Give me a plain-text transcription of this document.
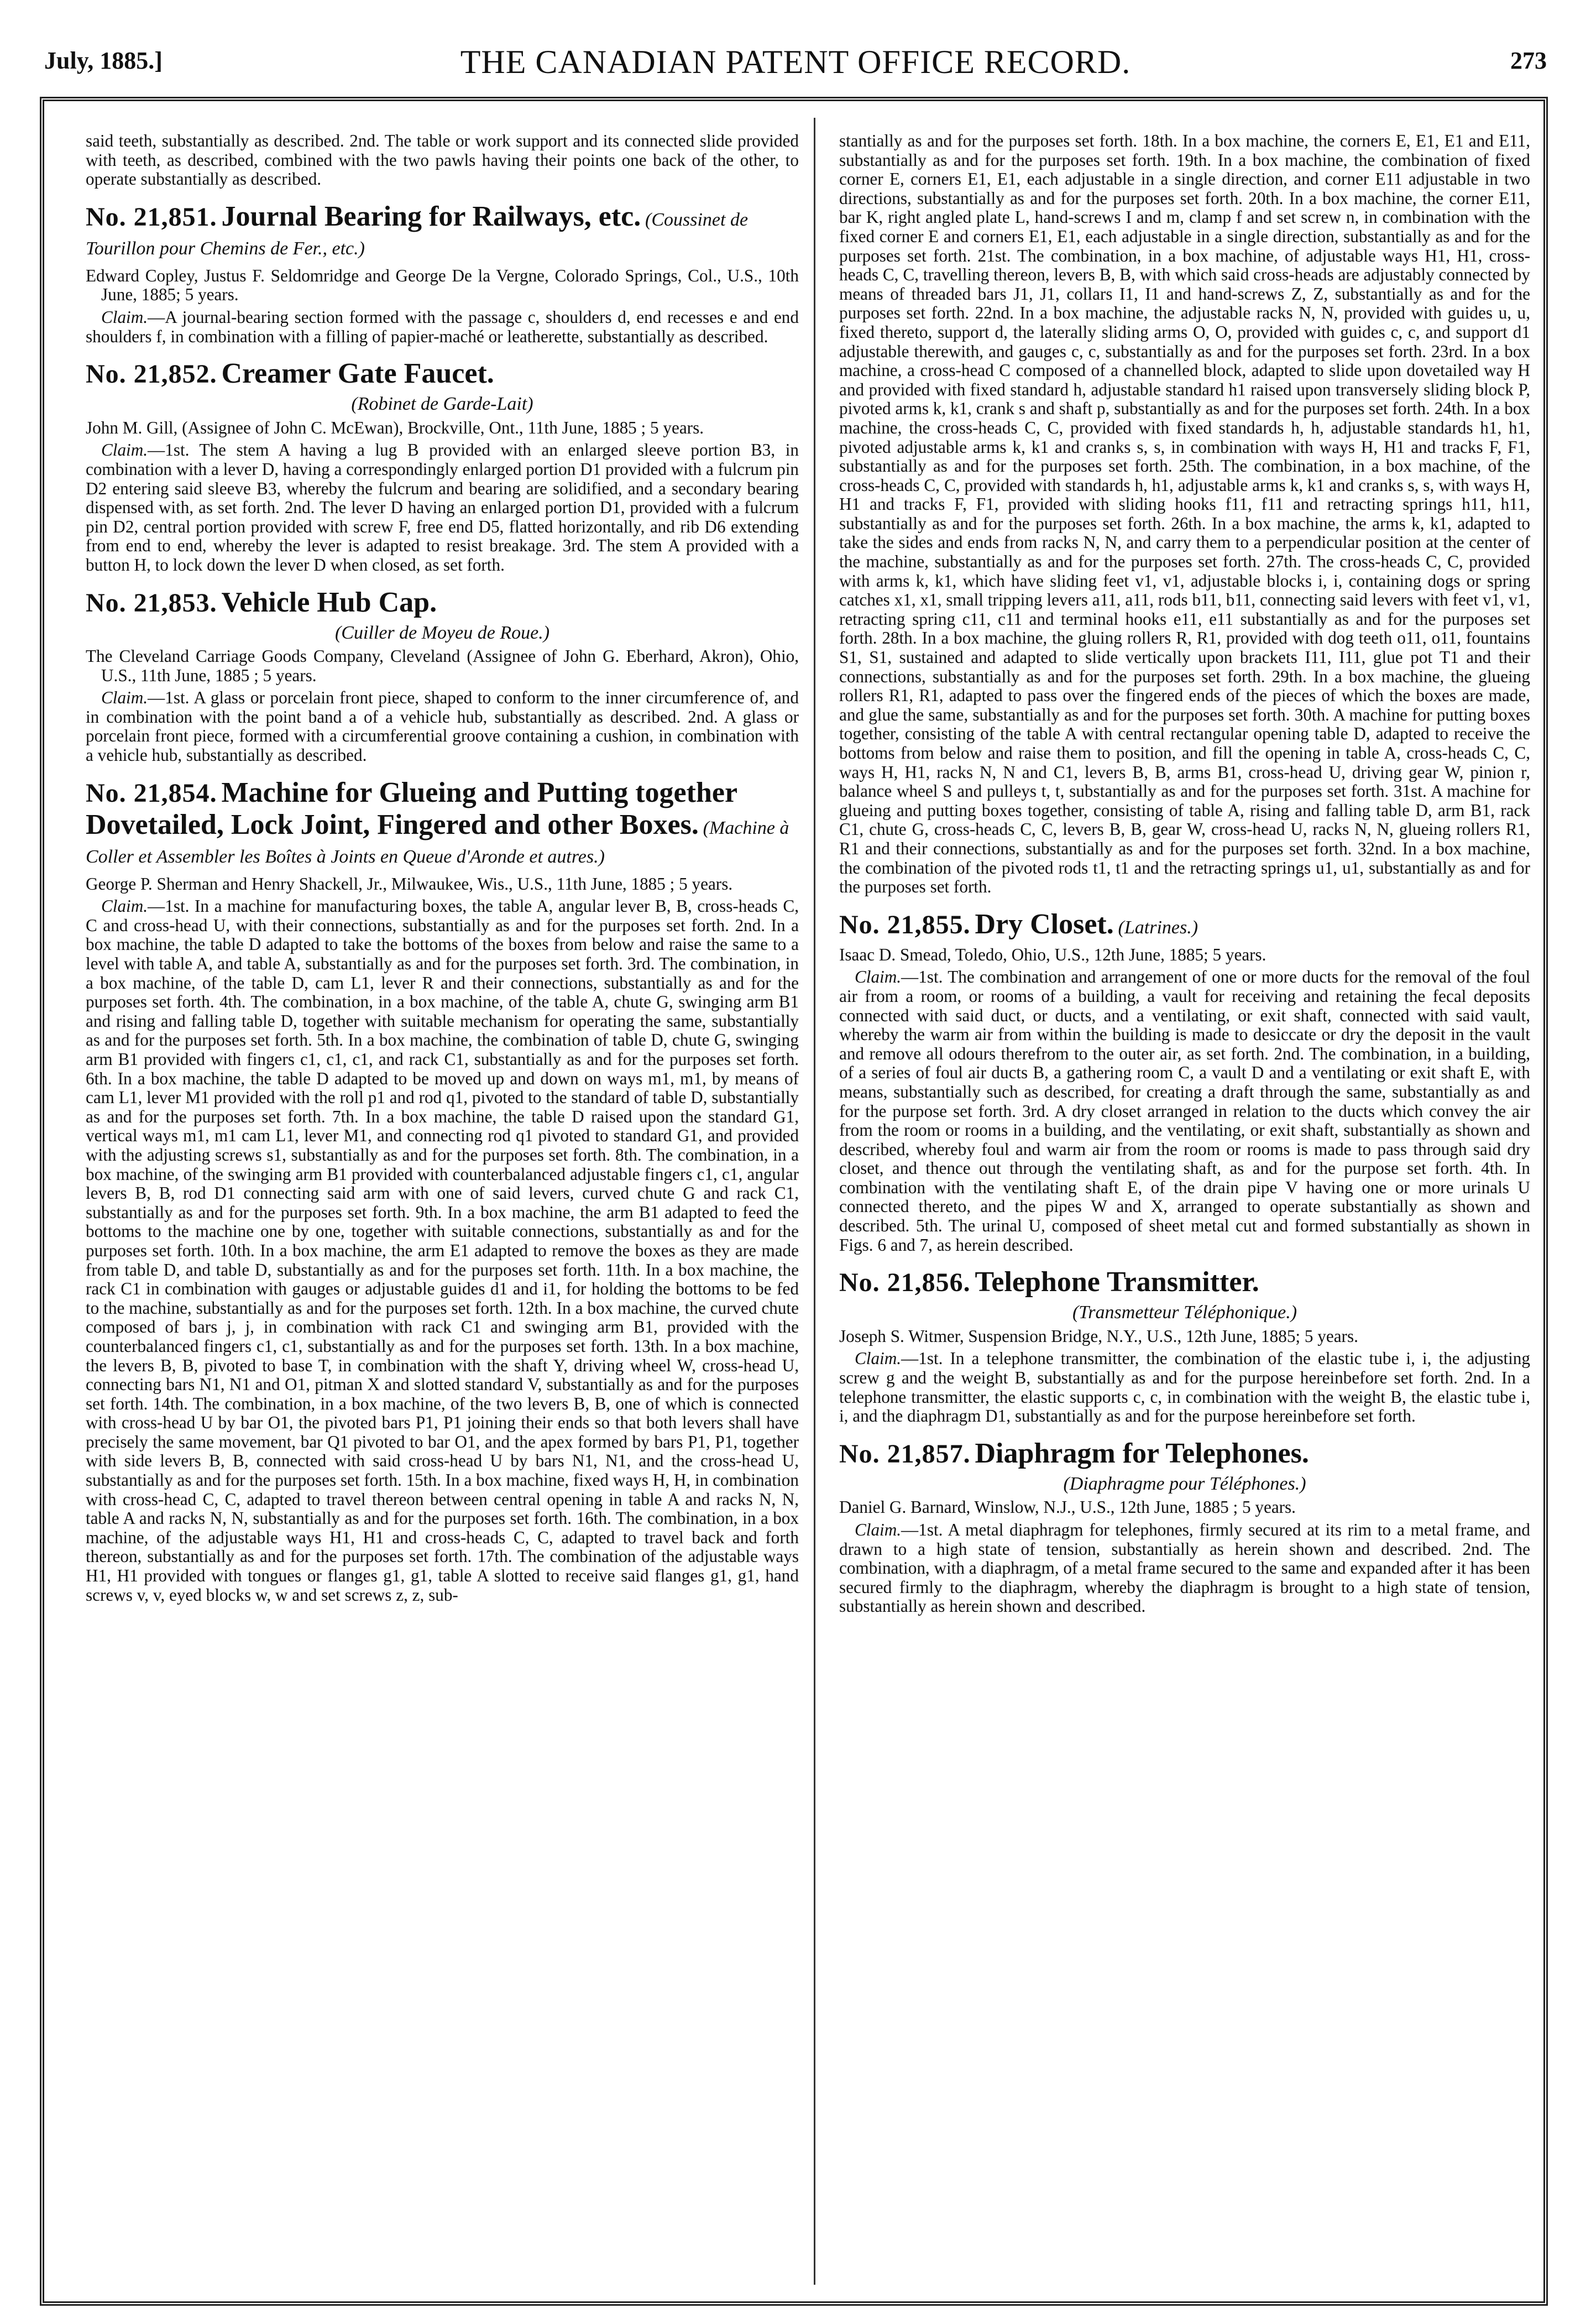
July, 1885.]	THE CANADIAN PATENT OFFICE RECORD.	273

said teeth, substantially as described. 2nd. The table or work support and its connected slide provided with teeth, as described, combined with the two pawls having their points one back of the other, to operate substantially as described.

No. 21,851. Journal Bearing for Railways, etc. (Coussinet de Tourillon pour Chemins de Fer., etc.)

Edward Copley, Justus F. Seldomridge and George De la Vergne, Colorado Springs, Col., U.S., 10th June, 1885; 5 years.

Claim.—A journal-bearing section formed with the passage c, shoulders d, end recesses e and end shoulders f, in combination with a filling of papier-maché or leatherette, substantially as described.

No. 21,852. Creamer Gate Faucet.

(Robinet de Garde-Lait)

John M. Gill, (Assignee of John C. McEwan), Brockville, Ont., 11th June, 1885 ; 5 years.

Claim.—1st. The stem A having a lug B provided with an enlarged sleeve portion B3, in combination with a lever D, having a correspondingly enlarged portion D1 provided with a fulcrum pin D2 entering said sleeve B3, whereby the fulcrum and bearing are solidified, and a secondary bearing dispensed with, as set forth. 2nd. The lever D having an enlarged portion D1, provided with a fulcrum pin D2, central portion provided with screw F, free end D5, flatted horizontally, and rib D6 extending from end to end, whereby the lever is adapted to resist breakage. 3rd. The stem A provided with a button H, to lock down the lever D when closed, as set forth.

No. 21,853. Vehicle Hub Cap.

(Cuiller de Moyeu de Roue.)

The Cleveland Carriage Goods Company, Cleveland (Assignee of John G. Eberhard, Akron), Ohio, U.S., 11th June, 1885 ; 5 years.

Claim.—1st. A glass or porcelain front piece, shaped to conform to the inner circumference of, and in combination with the point band a of a vehicle hub, substantially as described. 2nd. A glass or porcelain front piece, formed with a circumferential groove containing a cushion, in combination with a vehicle hub, substantially as described.

No. 21,854. Machine for Glueing and Putting together Dovetailed, Lock Joint, Fingered and other Boxes. (Machine à Coller et Assembler les Boîtes à Joints en Queue d'Aronde et autres.)

George P. Sherman and Henry Shackell, Jr., Milwaukee, Wis., U.S., 11th June, 1885 ; 5 years.

Claim.—1st. In a machine for manufacturing boxes, the table A, angular lever B, B, cross-heads C, C and cross-head U, with their connections, substantially as and for the purposes set forth. 2nd. In a box machine, the table D adapted to take the bottoms of the boxes from below and raise the same to a level with table A, and table A, substantially as and for the purposes set forth. 3rd. The combination, in a box machine, of the table D, cam L1, lever R and their connections, substantially as and for the purposes set forth. 4th. The combination, in a box machine, of the table A, chute G, swinging arm B1 and rising and falling table D, together with suitable mechanism for operating the same, substantially as and for the purposes set forth. 5th. In a box machine, the combination of table D, chute G, swinging arm B1 provided with fingers c1, c1, c1, and rack C1, substantially as and for the purposes set forth. 6th. In a box machine, the table D adapted to be moved up and down on ways m1, m1, by means of cam L1, lever M1 provided with the roll p1 and rod q1, pivoted to the standard of table D, substantially as and for the purposes set forth. 7th. In a box machine, the table D raised upon the standard G1, vertical ways m1, m1 cam L1, lever M1, and connecting rod q1 pivoted to standard G1, and provided with the adjusting screws s1, substantially as and for the purposes set forth. 8th. The combination, in a box machine, of the swinging arm B1 provided with counterbalanced adjustable fingers c1, c1, angular levers B, B, rod D1 connecting said arm with one of said levers, curved chute G and rack C1, substantially as and for the purposes set forth. 9th. In a box machine, the arm B1 adapted to feed the bottoms to the machine one by one, together with suitable connections, substantially as and for the purposes set forth. 10th. In a box machine, the arm E1 adapted to remove the boxes as they are made from table D, and table D, substantially as and for the purposes set forth. 11th. In a box machine, the rack C1 in combination with gauges or adjustable guides d1 and i1, for holding the bottoms to be fed to the machine, substantially as and for the purposes set forth. 12th. In a box machine, the curved chute composed of bars j, j, in combination with rack C1 and swinging arm B1, provided with the counterbalanced fingers c1, c1, substantially as and for the purposes set forth. 13th. In a box machine, the levers B, B, pivoted to base T, in combination with the shaft Y, driving wheel W, cross-head U, connecting bars N1, N1 and O1, pitman X and slotted standard V, substantially as and for the purposes set forth. 14th. The combination, in a box machine, of the two levers B, B, one of which is connected with cross-head U by bar O1, the pivoted bars P1, P1 joining their ends so that both levers shall have precisely the same movement, bar Q1 pivoted to bar O1, and the apex formed by bars P1, P1, together with side levers B, B, connected with said cross-head U by bars N1, N1, and the cross-head U, substantially as and for the purposes set forth. 15th. In a box machine, fixed ways H, H, in combination with cross-head C, C, adapted to travel thereon between central opening in table A and racks N, N, table A and racks N, N, substantially as and for the purposes set forth. 16th. The combination, in a box machine, of the adjustable ways H1, H1 and cross-heads C, C, adapted to travel back and forth thereon, substantially as and for the purposes set forth. 17th. The combination of the adjustable ways H1, H1 provided with tongues or flanges g1, g1, table A slotted to receive said flanges g1, g1, hand screws v, v, eyed blocks w, w and set screws z, z, sub-

stantially as and for the purposes set forth. 18th. In a box machine, the corners E, E1, E1 and E11, substantially as and for the purposes set forth. 19th. In a box machine, the combination of fixed corner E, corners E1, E1, each adjustable in a single direction, and corner E11 adjustable in two directions, substantially as and for the purposes set forth. 20th. In a box machine, the corner E11, bar K, right angled plate L, hand-screws I and m, clamp f and set screw n, in combination with the fixed corner E and corners E1, E1, each adjustable in a single direction, substantially as and for the purposes set forth. 21st. The combination, in a box machine, of adjustable ways H1, H1, cross-heads C, C, travelling thereon, levers B, B, with which said cross-heads are adjustably connected by means of threaded bars J1, J1, collars I1, I1 and hand-screws Z, Z, substantially as and for the purposes set forth. 22nd. In a box machine, the adjustable racks N, N, provided with guides u, u, fixed thereto, support d, the laterally sliding arms O, O, provided with guides c, c, and support d1 adjustable therewith, and gauges c, c, substantially as and for the purposes set forth. 23rd. In a box machine, a cross-head C composed of a channelled block, adapted to slide upon dovetailed way H and provided with fixed standard h, adjustable standard h1 raised upon transversely sliding block P, pivoted arms k, k1, crank s and shaft p, substantially as and for the purposes set forth. 24th. In a box machine, the cross-heads C, C, provided with fixed standards h, h, adjustable standards h1, h1, pivoted adjustable arms k, k1 and cranks s, s, in combination with ways H, H1 and tracks F, F1, substantially as and for the purposes set forth. 25th. The combination, in a box machine, of the cross-heads C, C, provided with standards h, h1, adjustable arms k, k1 and cranks s, s, with ways H, H1 and tracks F, F1, provided with sliding hooks f11, f11 and retracting springs h11, h11, substantially as and for the purposes set forth. 26th. In a box machine, the arms k, k1, adapted to take the sides and ends from racks N, N, and carry them to a perpendicular position at the center of the machine, substantially as and for the purposes set forth. 27th. The cross-heads C, C, provided with arms k, k1, which have sliding feet v1, v1, adjustable blocks i, i, containing dogs or spring catches x1, x1, small tripping levers a11, a11, rods b11, b11, connecting said levers with feet v1, v1, retracting spring c11, c11 and terminal hooks e11, e11 substantially as and for the purposes set forth. 28th. In a box machine, the gluing rollers R, R1, provided with dog teeth o11, o11, fountains S1, S1, sustained and adapted to slide vertically upon brackets I11, I11, glue pot T1 and their connections, substantially as and for the purposes set forth. 29th. In a box machine, the glueing rollers R1, R1, adapted to pass over the fingered ends of the pieces of which the boxes are made, and glue the same, substantially as and for the purposes set forth. 30th. A machine for putting boxes together, consisting of the table A with central rectangular opening table D, adapted to receive the bottoms from below and raise them to position, and fill the opening in table A, cross-heads C, C, ways H, H1, racks N, N and C1, levers B, B, arms B1, cross-head U, driving gear W, pinion r, balance wheel S and pulleys t, t, substantially as and for the purposes set forth. 31st. A machine for glueing and putting boxes together, consisting of table A, rising and falling table D, arm B1, rack C1, chute G, cross-heads C, C, levers B, B, gear W, cross-head U, racks N, N, glueing rollers R1, R1 and their connections, substantially as and for the purposes set forth. 32nd. In a box machine, the combination of the pivoted rods t1, t1 and the retracting springs u1, u1, substantially as and for the purposes set forth.

No. 21,855. Dry Closet. (Latrines.)

Isaac D. Smead, Toledo, Ohio, U.S., 12th June, 1885; 5 years.

Claim.—1st. The combination and arrangement of one or more ducts for the removal of the foul air from a room, or rooms of a building, a vault for receiving and retaining the fecal deposits connected with said duct, or ducts, and a ventilating, or exit shaft, connected with said vault, whereby the warm air from within the building is made to desiccate or dry the deposit in the vault and remove all odours therefrom to the outer air, as set forth. 2nd. The combination, in a building, of a series of foul air ducts B, a gathering room C, a vault D and a ventilating or exit shaft E, with means, substantially such as described, for creating a draft through the same, substantially as and for the purpose set forth. 3rd. A dry closet arranged in relation to the ducts which convey the air from the room or rooms in a building, and the ventilating, or exit shaft, substantially as shown and described, whereby foul and warm air from the room or rooms is made to pass through said dry closet, and thence out through the ventilating shaft, as and for the purpose set forth. 4th. In combination with the ventilating shaft E, of the drain pipe V having one or more urinals U connected thereto, and the pipes W and X, arranged to operate substantially as shown and described. 5th. The urinal U, composed of sheet metal cut and formed substantially as shown in Figs. 6 and 7, as herein described.

No. 21,856. Telephone Transmitter.

(Transmetteur Téléphonique.)

Joseph S. Witmer, Suspension Bridge, N.Y., U.S., 12th June, 1885; 5 years.

Claim.—1st. In a telephone transmitter, the combination of the elastic tube i, i, the adjusting screw g and the weight B, substantially as and for the purpose hereinbefore set forth. 2nd. In a telephone transmitter, the elastic supports c, c, in combination with the weight B, the elastic tube i, i, and the diaphragm D1, substantially as and for the purpose hereinbefore set forth.

No. 21,857. Diaphragm for Telephones.

(Diaphragme pour Téléphones.)

Daniel G. Barnard, Winslow, N.J., U.S., 12th June, 1885 ; 5 years.

Claim.—1st. A metal diaphragm for telephones, firmly secured at its rim to a metal frame, and drawn to a high state of tension, substantially as herein shown and described. 2nd. The combination, with a diaphragm, of a metal frame secured to the same and expanded after it has been secured firmly to the diaphragm, whereby the diaphragm is brought to a high state of tension, substantially as herein shown and described.
